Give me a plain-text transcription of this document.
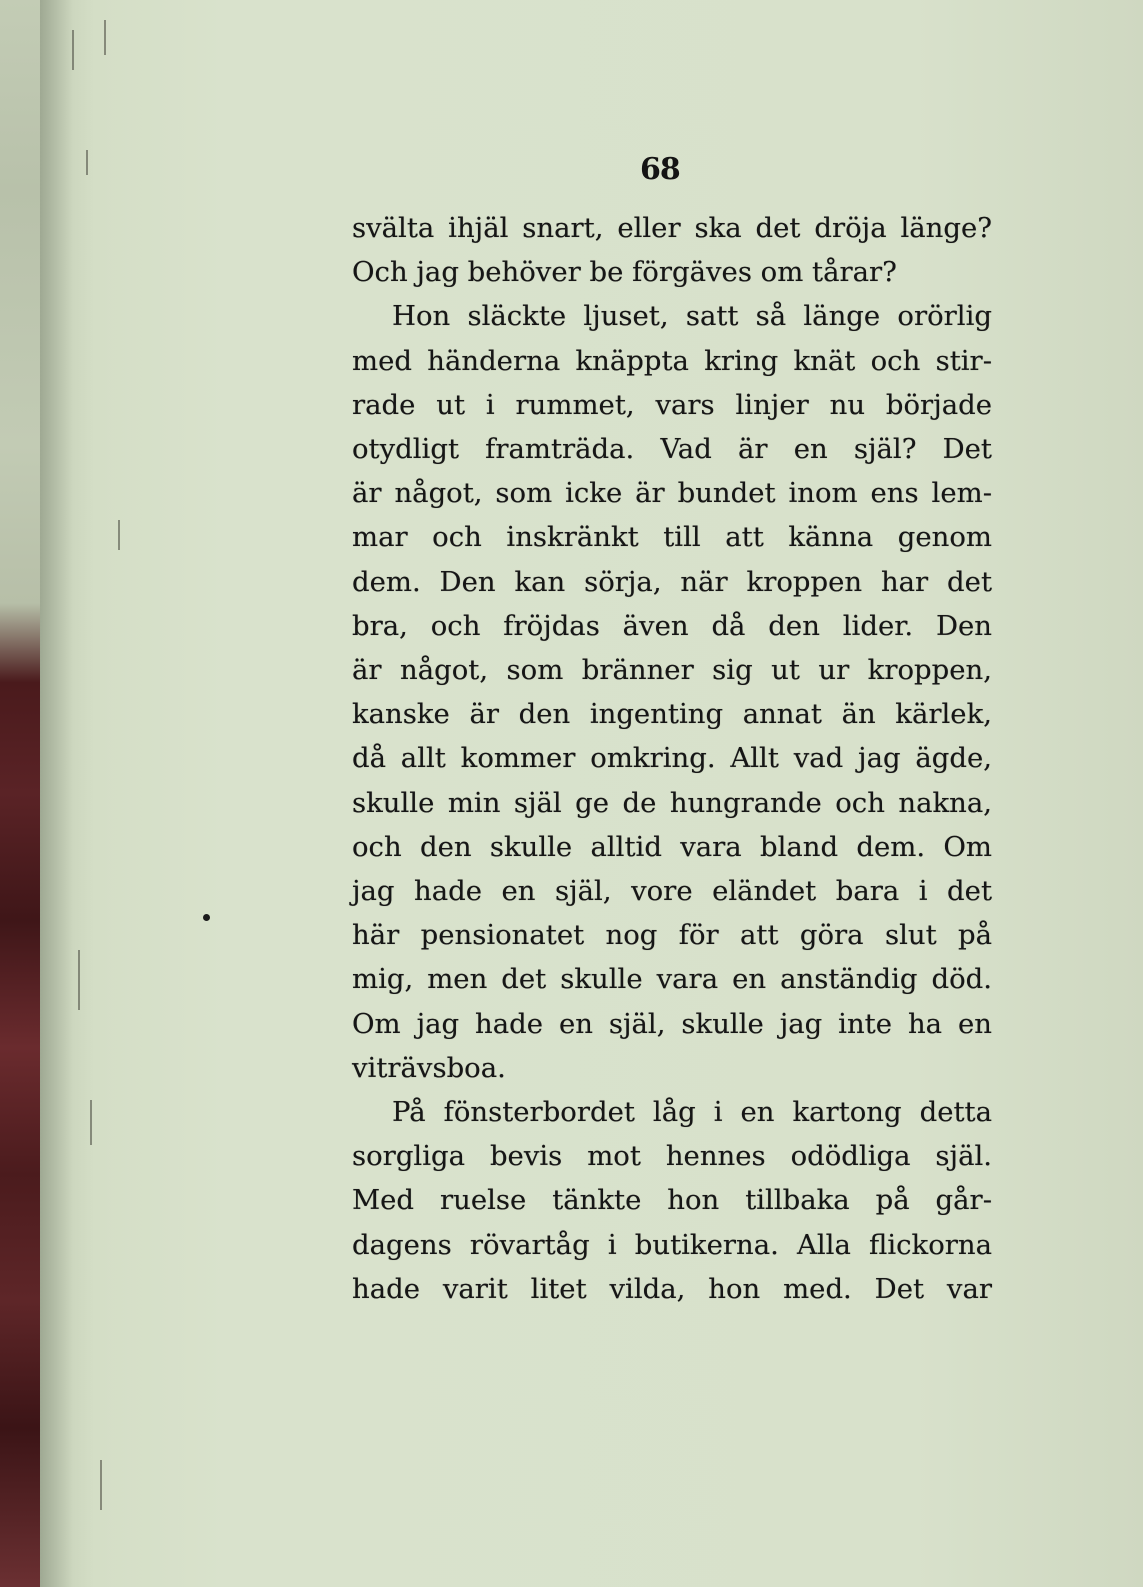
68
svälta ihjäl snart, eller ska det dröja länge?
Och jag behöver be förgäves om tårar?
Hon släckte ljuset, satt så länge orörlig
med händerna knäppta kring knät och stir-
rade ut i rummet, vars linjer nu började
otydligt framträda. Vad är en själ? Det
är något, som icke är bundet inom ens lem-
mar och inskränkt till att känna genom
dem. Den kan sörja, när kroppen har det
bra, och fröjdas även då den lider. Den
är något, som bränner sig ut ur kroppen,
kanske är den ingenting annat än kärlek,
då allt kommer omkring. Allt vad jag ägde,
skulle min själ ge de hungrande och nakna,
och den skulle alltid vara bland dem. Om
jag hade en själ, vore eländet bara i det
här pensionatet nog för att göra slut på
mig, men det skulle vara en anständig död.
Om jag hade en själ, skulle jag inte ha en
viträvsboa.
På fönsterbordet låg i en kartong detta
sorgliga bevis mot hennes odödliga själ.
Med ruelse tänkte hon tillbaka på går-
dagens rövartåg i butikerna. Alla flickorna
hade varit litet vilda, hon med. Det var
